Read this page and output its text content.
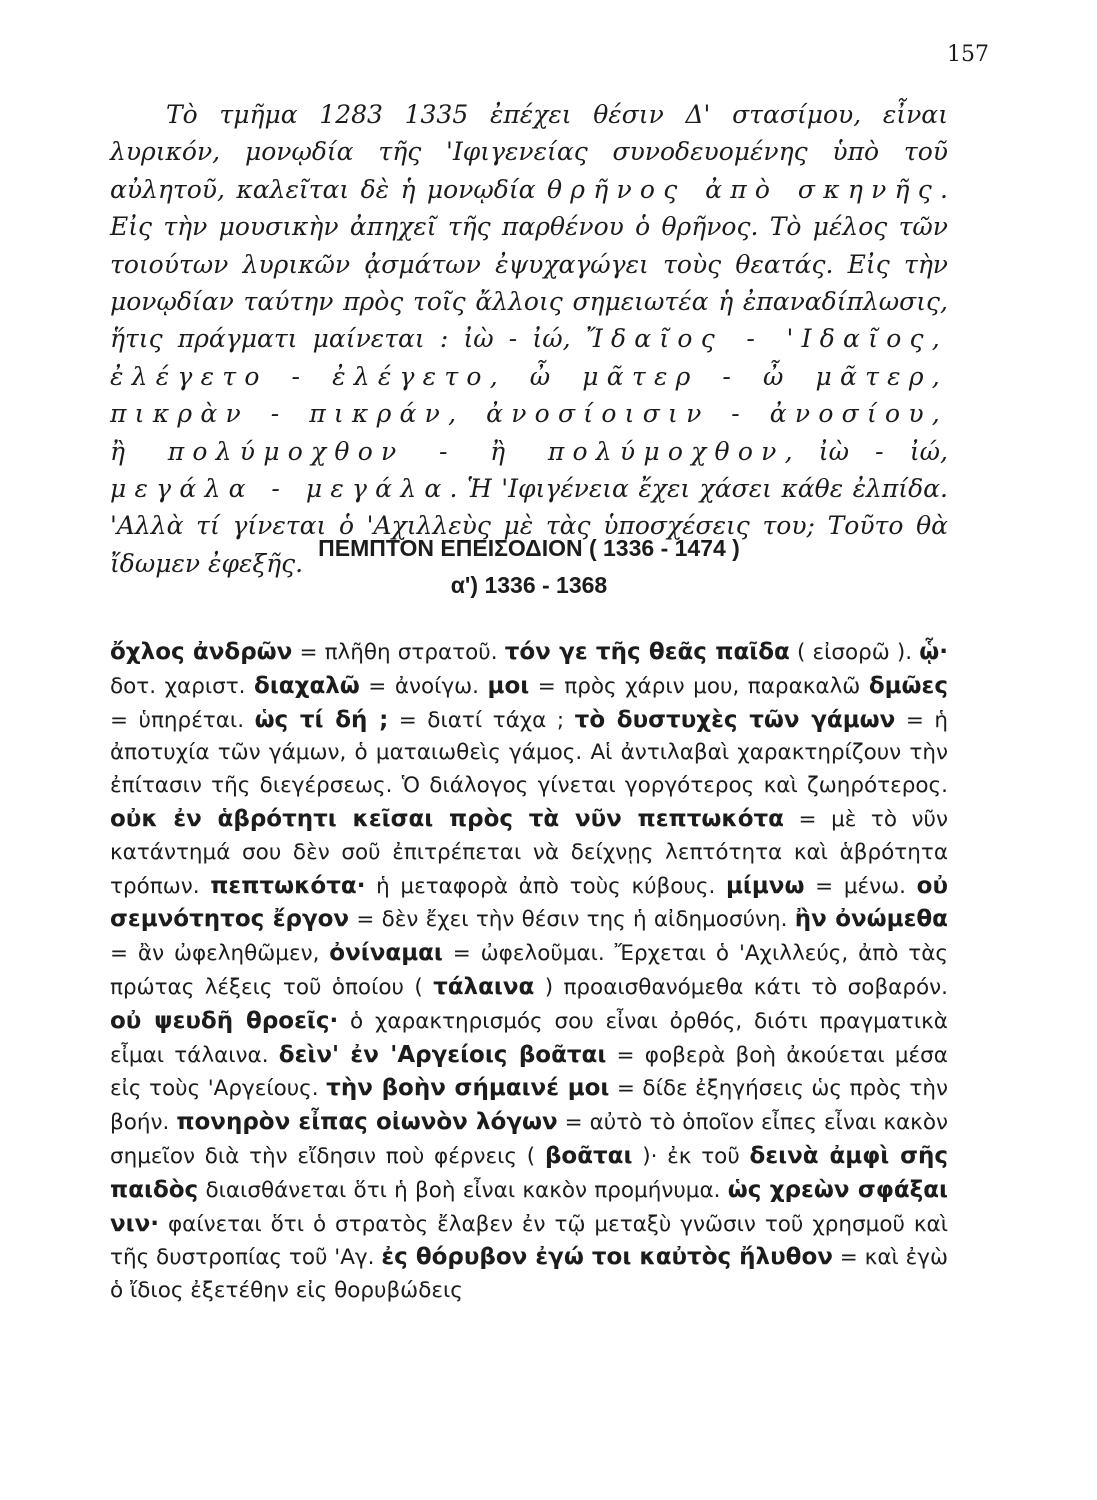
157

Τὸ τμῆμα 1283 1335 ἐπέχει θέσιν Δ' στασίμου, εἶναι λυρικόν, μονῳδία τῆς 'Ιφιγενείας συνοδευομένης ὑπὸ τοῦ αὐλητοῦ, καλεῖται δὲ ἡ μονῳδία θρῆνος ἀπὸ σκηνῆς. Εἰς τὴν μουσικὴν ἀπηχεῖ τῆς παρθένου ὁ θρῆνος. Τὸ μέλος τῶν τοιούτων λυρικῶν ᾀσμάτων ἐψυχαγώγει τοὺς θεατάς. Εἰς τὴν μονῳδίαν ταύτην πρὸς τοῖς ἄλλοις σημειωτέα ἡ ἐπαναδίπλωσις, ἥτις πράγματι μαίνεται : ἰὼ - ἰώ, Ἴδαῖος - 'Ιδαῖος, ἐλέγετο - ἐλέγετο, ὦ μᾶτερ - ὦ μᾶτερ, πικρὰν - πικράν, ἀνοσίοισιν - ἀνοσίου, ἢ πολύμοχθον - ἢ πολύμοχθον, ἰὼ - ἰώ, μεγάλα - μεγάλα. Ἡ 'Ιφιγένεια ἔχει χάσει κάθε ἐλπίδα. 'Αλλὰ τί γίνεται ὁ 'Αχιλλεὺς μὲ τὰς ὑποσχέσεις του; Τοῦτο θὰ ἴδωμεν ἐφεξῆς.

ΠΕΜΠΤΟΝ ΕΠΕΙΣΟΔΙΟΝ ( 1336 - 1474 )
α') 1336 - 1368

ὄχλος ἀνδρῶν = πλῆθη στρατοῦ. τόν γε τῆς θεᾶς παῖδα ( εἰσορῶ ). ᾧ· δοτ. χαριστ. διαχαλῶ = ἀνοίγω. μοι = πρὸς χάριν μου, παρακαλῶ δμῶες = ὑπηρέται. ὡς τί δή ; = διατί τάχα ; τὸ δυστυχὲς τῶν γάμων = ἡ ἀποτυχία τῶν γάμων, ὁ ματαιωθεὶς γάμος. Αἱ ἀντιλαβαὶ χαρακτηρίζουν τὴν ἐπίτασιν τῆς διεγέρσεως. Ὁ διάλογος γίνεται γοργότερος καὶ ζωηρότερος. οὐκ ἐν ἁβρότητι κεῖσαι πρὸς τὰ νῦν πεπτωκότα = μὲ τὸ νῦν κατάντημά σου δὲν σοῦ ἐπιτρέπεται νὰ δείχνῃς λεπτότητα καὶ ἁβρότητα τρόπων. πεπτωκότα· ἡ μεταφορὰ ἀπὸ τοὺς κύβους. μίμνω = μένω. οὐ σεμνότητος ἔργον = δὲν ἔχει τὴν θέσιν της ἡ αἰδημοσύνη. ἢν ὀνώμεθα = ἂν ὠφεληθῶμεν, ὀνίναμαι = ὠφελοῦμαι. Ἔρχεται ὁ 'Αχιλλεύς, ἀπὸ τὰς πρώτας λέξεις τοῦ ὁποίου ( τάλαινα ) προαισθανόμεθα κάτι τὸ σοβαρόν. οὐ ψευδῆ θροεῖς· ὁ χαρακτηρισμός σου εἶναι ὀρθός, διότι πραγματικὰ εἶμαι τάλαινα. δεὶν' ἐν 'Αργείοις βοᾶται = φοβερὰ βοὴ ἀκούεται μέσα εἰς τοὺς 'Αργείους. τὴν βοὴν σήμαινέ μοι = δίδε ἐξηγήσεις ὡς πρὸς τὴν βοήν. πονηρὸν εἶπας οἰωνὸν λόγων = αὐτὸ τὸ ὁποῖον εἶπες εἶναι κακὸν σημεῖον διὰ τὴν εἴδησιν ποὺ φέρνεις ( βοᾶται )· ἐκ τοῦ δεινὰ ἀμφὶ σῆς παιδὸς διαισθάνεται ὅτι ἡ βοὴ εἶναι κακὸν προμήνυμα. ὡς χρεὼν σφάξαι νιν· φαίνεται ὅτι ὁ στρατὸς ἔλαβεν ἐν τῷ μεταξὺ γνῶσιν τοῦ χρησμοῦ καὶ τῆς δυστροπίας τοῦ 'Αγ. ἐς θόρυβον ἐγώ τοι καὐτὸς ἤλυθον = καὶ ἐγὼ ὁ ἴδιος ἐξετέθην εἰς θορυβώδεις
